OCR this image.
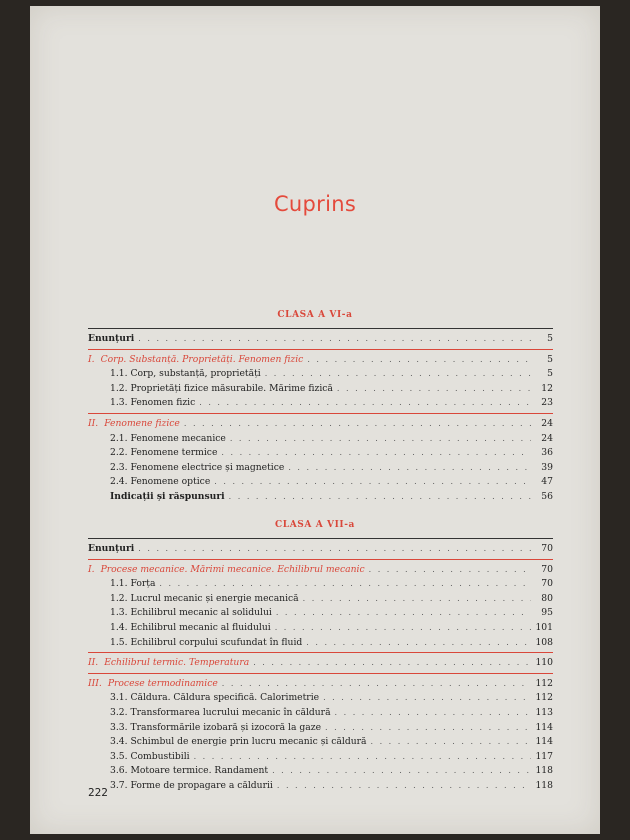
Cuprins
CLASA A VI-a
Enunțuri . . .	5
I. Corp. Substanță. Proprietăți. Fenomen fizic . . .	5
1.1. Corp, substanță, proprietăți . . .	5
1.2. Proprietăți fizice măsurabile. Mărime fizică . . .	12
1.3. Fenomen fizic . . .	23
II. Fenomene fizice . . .	24
2.1. Fenomene mecanice . . .	24
2.2. Fenomene termice . . .	36
2.3. Fenomene electrice și magnetice . . .	39
2.4. Fenomene optice . . .	47
Indicații și răspunsuri . . .	56
CLASA A VII-a
Enunțuri . . .	70
I. Procese mecanice. Mărimi mecanice. Echilibrul mecanic . . .	70
1.1. Forța . . .	70
1.2. Lucrul mecanic și energie mecanică . . .	80
1.3. Echilibrul mecanic al solidului . . .	95
1.4. Echilibrul mecanic al fluidului . . .	101
1.5. Echilibrul corpului scufundat în fluid . . .	108
II. Echilibrul termic. Temperatura . . .	110
III. Procese termodinamice . . .	112
3.1. Căldura. Căldura specifică. Calorimetrie . . .	112
3.2. Transformarea lucrului mecanic în căldură . . .	113
3.3. Transformările izobară și izocoră la gaze . . .	114
3.4. Schimbul de energie prin lucru mecanic și căldură . . .	114
3.5. Combustibili . . .	117
3.6. Motoare termice. Randament . . .	118
3.7. Forme de propagare a căldurii . . .	118
222
